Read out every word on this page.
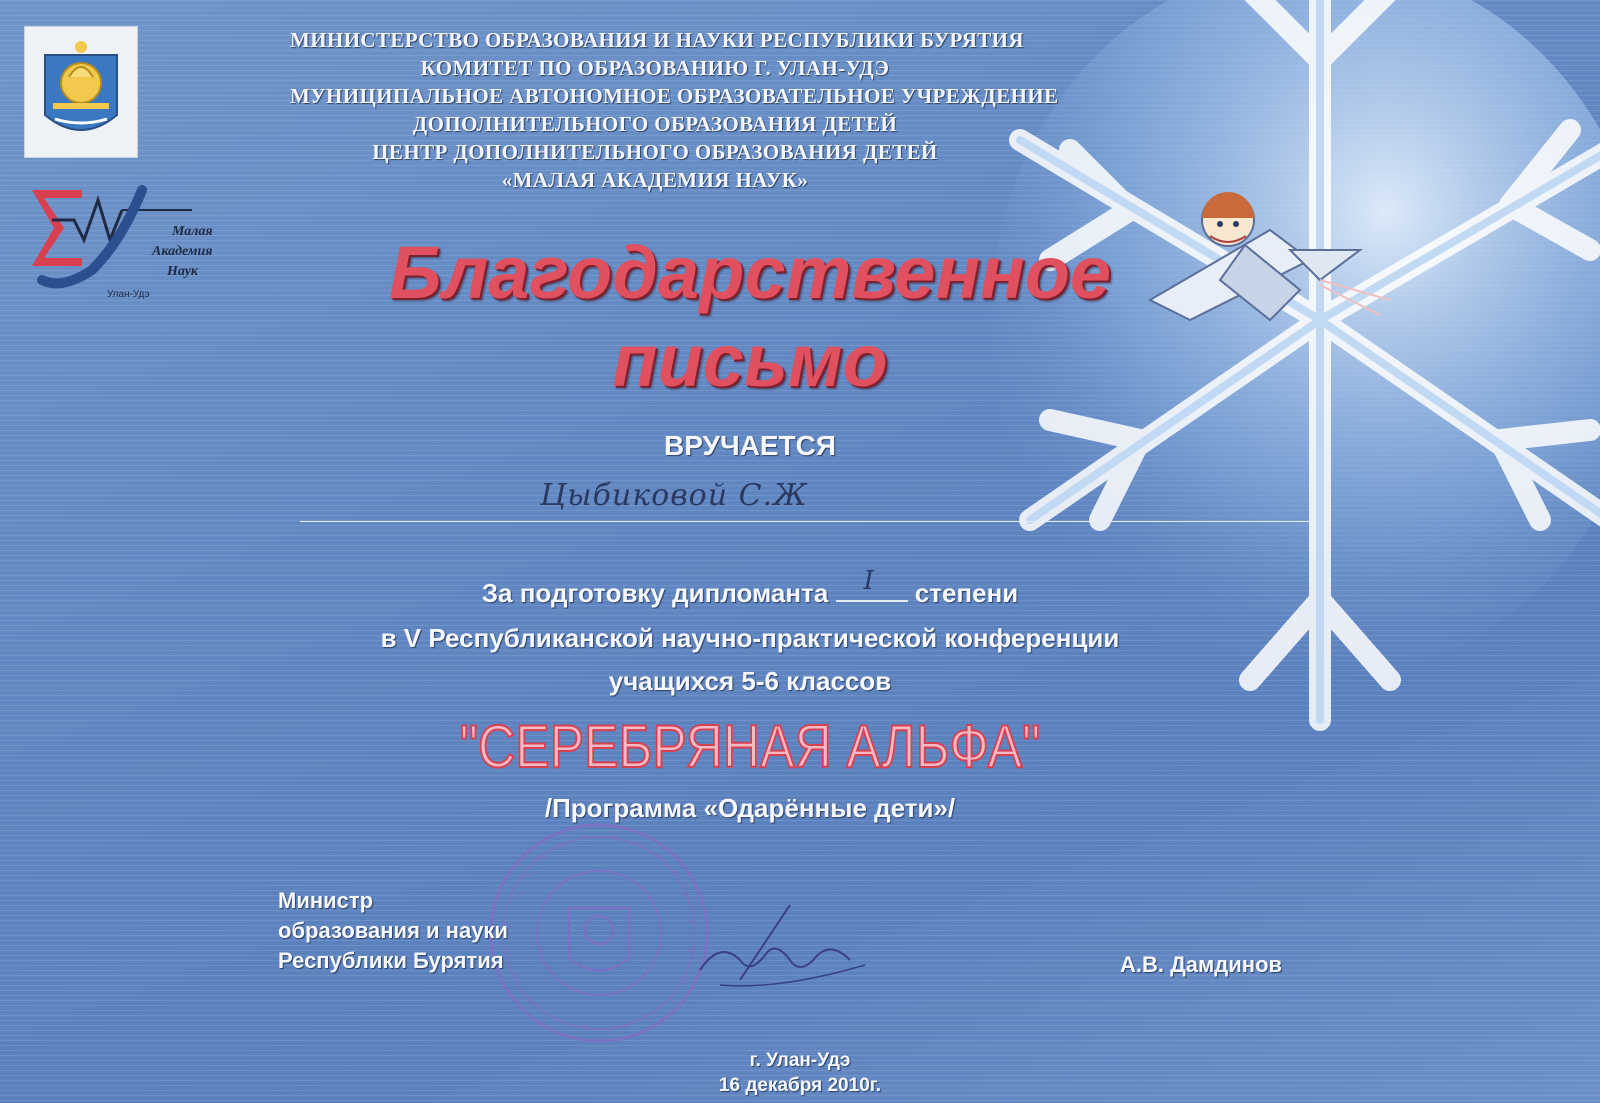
Малая
Академия
Наук
Улан-Удэ
МИНИСТЕРСТВО ОБРАЗОВАНИЯ И НАУКИ РЕСПУБЛИКИ БУРЯТИЯ
КОМИТЕТ ПО ОБРАЗОВАНИЮ Г. УЛАН-УДЭ
МУНИЦИПАЛЬНОЕ АВТОНОМНОЕ ОБРАЗОВАТЕЛЬНОЕ УЧРЕЖДЕНИЕ
ДОПОЛНИТЕЛЬНОГО ОБРАЗОВАНИЯ ДЕТЕЙ
ЦЕНТР ДОПОЛНИТЕЛЬНОГО ОБРАЗОВАНИЯ ДЕТЕЙ
«МАЛАЯ АКАДЕМИЯ НАУК»
Благодарственное
письмо
ВРУЧАЕТСЯ
Цыбиковой С.Ж
За подготовку дипломанта I степени
в V Республиканской научно-практической конференции
учащихся 5-6 классов
"СЕРЕБРЯНАЯ АЛЬФА"
/Программа «Одарённые дети»/
Министр
образования и науки
Республики Бурятия	А.В. Дамдинов
г. Улан-Удэ
16 декабря 2010г.
